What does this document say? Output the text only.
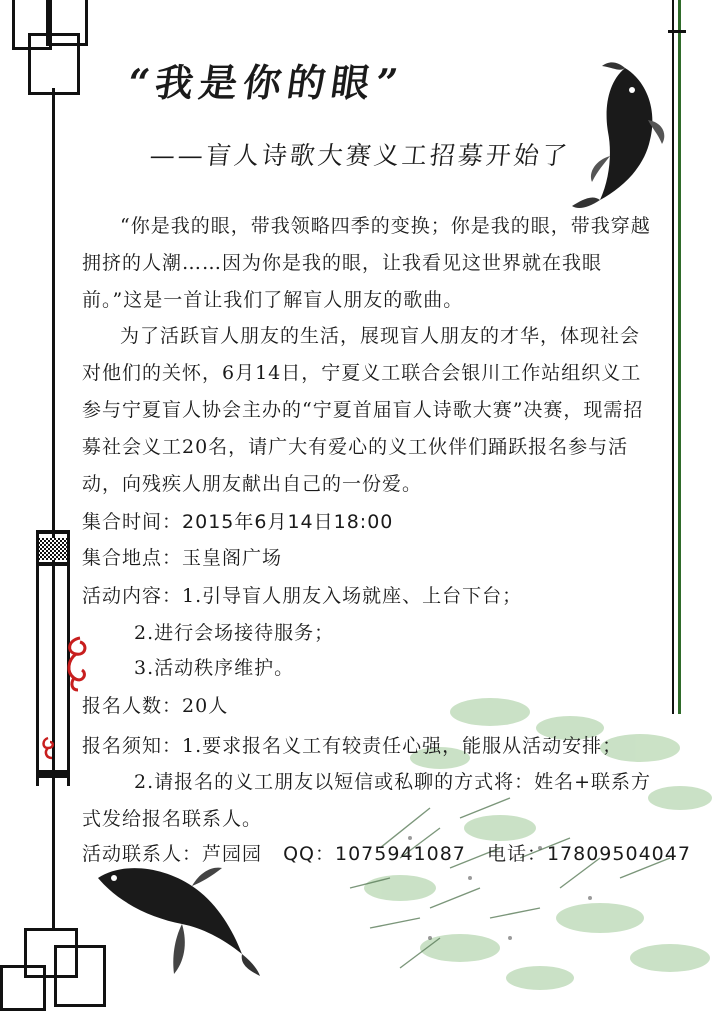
“我是你的眼”
——盲人诗歌大赛义工招募开始了

“你是我的眼，带我领略四季的变换；你是我的眼，带我穿越拥挤的人潮……因为你是我的眼，让我看见这世界就在我眼前。”这是一首让我们了解盲人朋友的歌曲。

为了活跃盲人朋友的生活，展现盲人朋友的才华，体现社会对他们的关怀，6月14日，宁夏义工联合会银川工作站组织义工参与宁夏盲人协会主办的“宁夏首届盲人诗歌大赛”决赛，现需招募社会义工20名，请广大有爱心的义工伙伴们踊跃报名参与活动，向残疾人朋友献出自己的一份爱。

集合时间：2015年6月14日18:00
集合地点：玉皇阁广场
活动内容：1.引导盲人朋友入场就座、上台下台；
2.进行会场接待服务；
3.活动秩序维护。
报名人数：20人
报名须知：1.要求报名义工有较责任心强，能服从活动安排；
2.请报名的义工朋友以短信或私聊的方式将：姓名+联系方式发给报名联系人。
活动联系人：芦园园 QQ：1075941087 电话：17809504047
